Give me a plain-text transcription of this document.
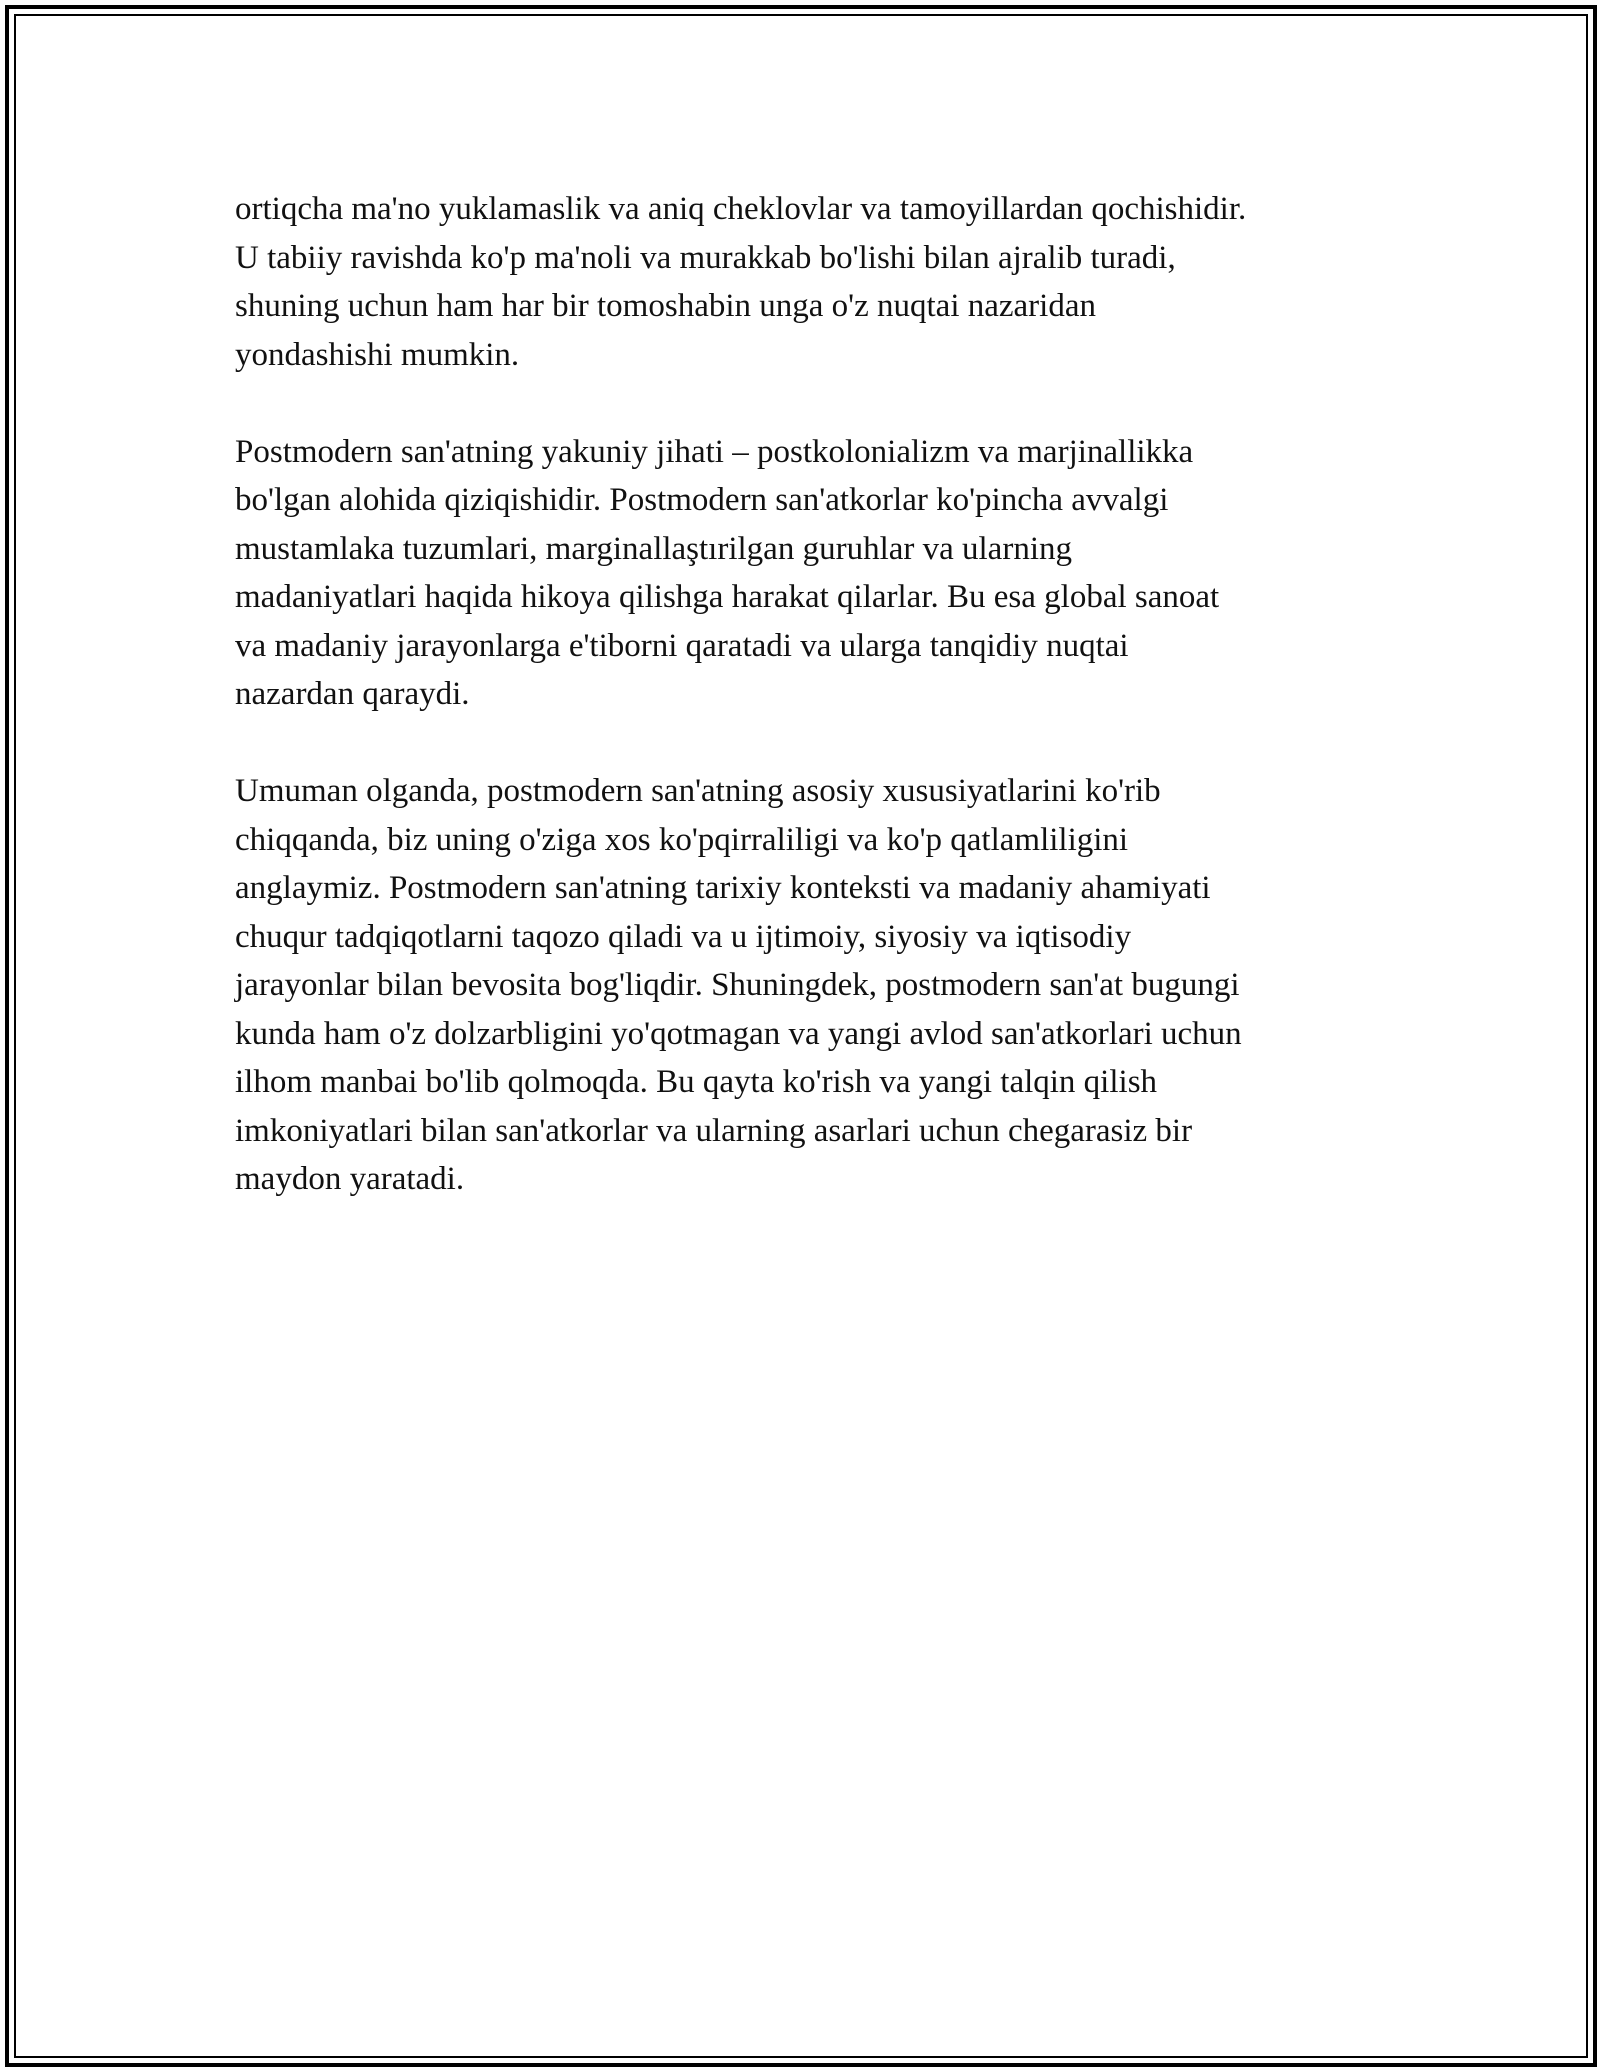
ortiqcha ma'no yuklamaslik va aniq cheklovlar va tamoyillardan qochishidir.
U tabiiy ravishda ko'p ma'noli va murakkab bo'lishi bilan ajralib turadi,
shuning uchun ham har bir tomoshabin unga o'z nuqtai nazaridan
yondashishi mumkin.

Postmodern san'atning yakuniy jihati – postkolonializm va marjinallikka
bo'lgan alohida qiziqishidir. Postmodern san'atkorlar ko'pincha avvalgi
mustamlaka tuzumlari, marginallaştırilgan guruhlar va ularning
madaniyatlari haqida hikoya qilishga harakat qilarlar. Bu esa global sanoat
va madaniy jarayonlarga e'tiborni qaratadi va ularga tanqidiy nuqtai
nazardan qaraydi.

Umuman olganda, postmodern san'atning asosiy xususiyatlarini ko'rib
chiqqanda, biz uning o'ziga xos ko'pqirraliligi va ko'p qatlamliligini
anglaymiz. Postmodern san'atning tarixiy konteksti va madaniy ahamiyati
chuqur tadqiqotlarni taqozo qiladi va u ijtimoiy, siyosiy va iqtisodiy
jarayonlar bilan bevosita bog'liqdir. Shuningdek, postmodern san'at bugungi
kunda ham o'z dolzarbligini yo'qotmagan va yangi avlod san'atkorlari uchun
ilhom manbai bo'lib qolmoqda. Bu qayta ko'rish va yangi talqin qilish
imkoniyatlari bilan san'atkorlar va ularning asarlari uchun chegarasiz bir
maydon yaratadi.
